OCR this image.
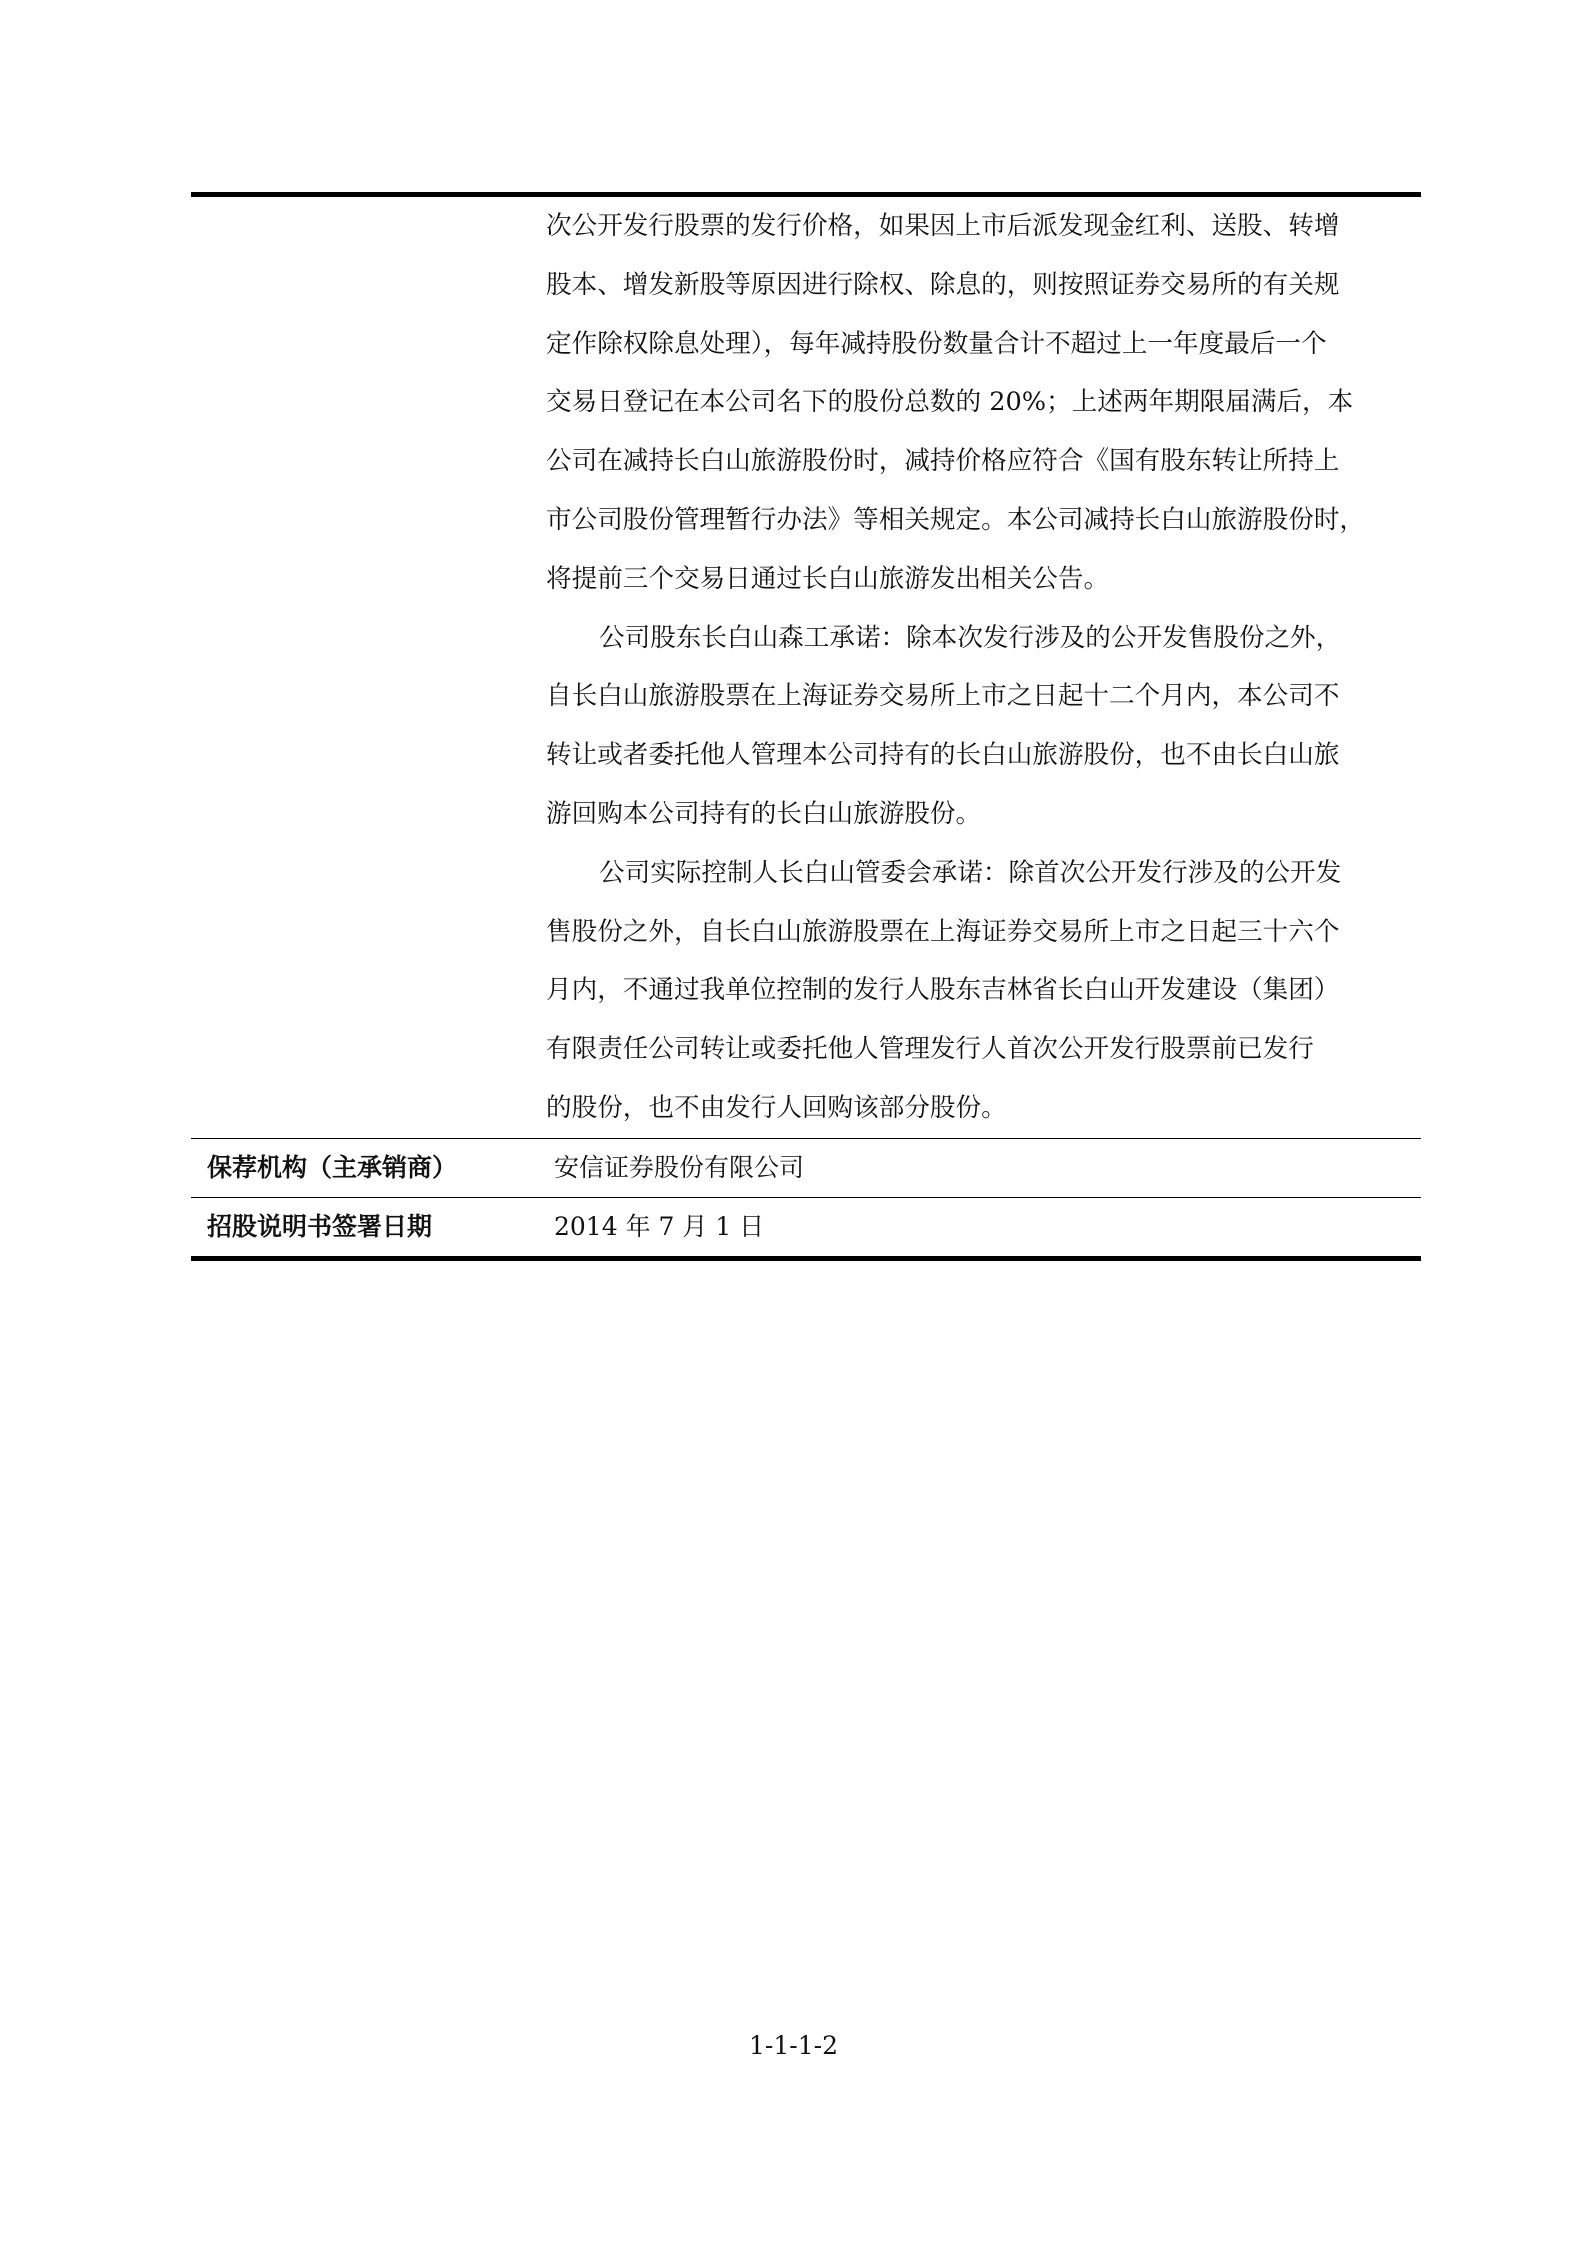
次公开发行股票的发行价格，如果因上市后派发现金红利、送股、转增
股本、增发新股等原因进行除权、除息的，则按照证券交易所的有关规
定作除权除息处理），每年减持股份数量合计不超过上一年度最后一个
交易日登记在本公司名下的股份总数的 20%；上述两年期限届满后，本
公司在减持长白山旅游股份时，减持价格应符合《国有股东转让所持上
市公司股份管理暂行办法》等相关规定。本公司减持长白山旅游股份时，
将提前三个交易日通过长白山旅游发出相关公告。
公司股东长白山森工承诺：除本次发行涉及的公开发售股份之外，
自长白山旅游股票在上海证券交易所上市之日起十二个月内，本公司不
转让或者委托他人管理本公司持有的长白山旅游股份，也不由长白山旅
游回购本公司持有的长白山旅游股份。
公司实际控制人长白山管委会承诺：除首次公开发行涉及的公开发
售股份之外，自长白山旅游股票在上海证券交易所上市之日起三十六个
月内，不通过我单位控制的发行人股东吉林省长白山开发建设（集团）
有限责任公司转让或委托他人管理发行人首次公开发行股票前已发行
的股份，也不由发行人回购该部分股份。
保荐机构（主承销商）	安信证券股份有限公司
招股说明书签署日期	2014 年 7 月 1 日
1-1-1-2
